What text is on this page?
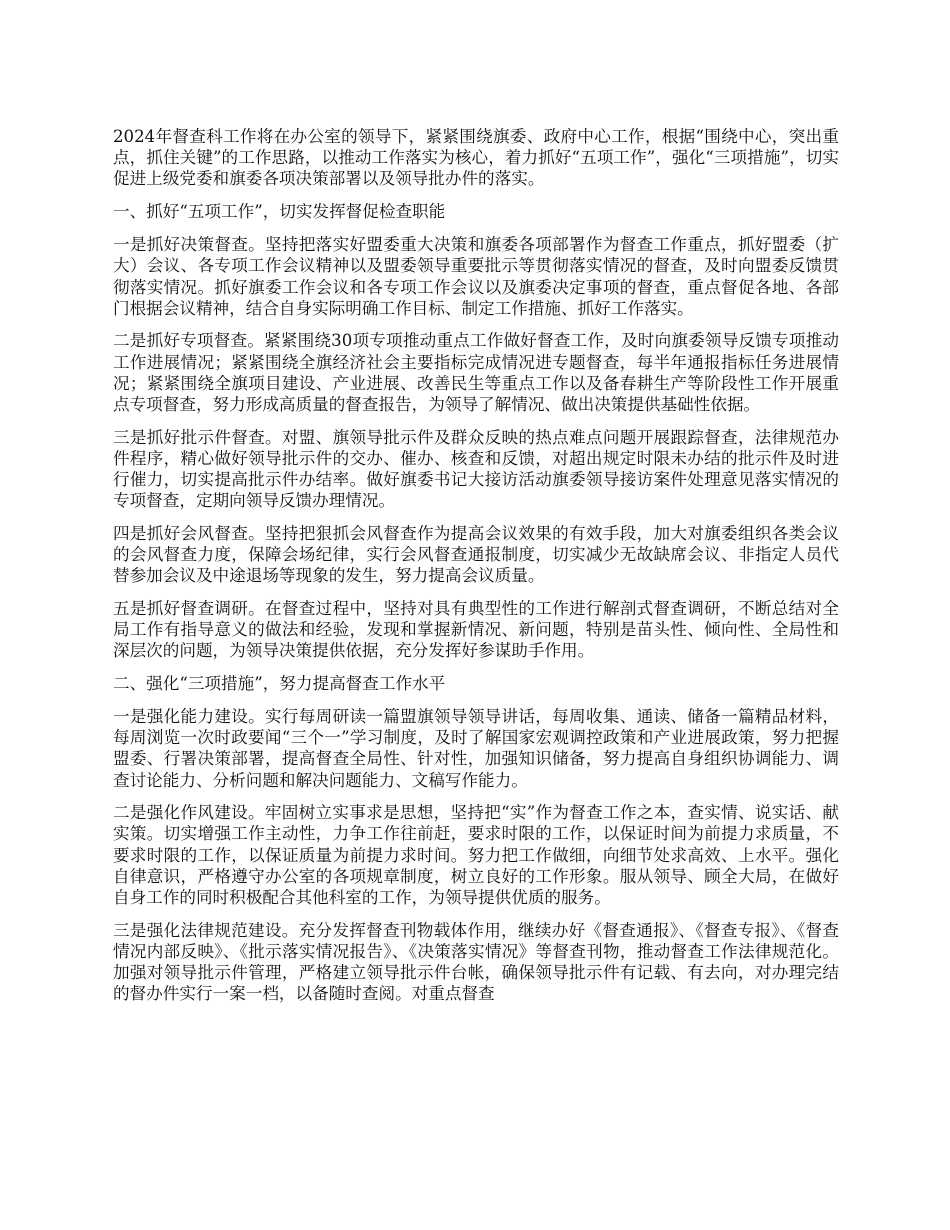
2024年督查科工作将在办公室的领导下，紧紧围绕旗委、政府中心工作，根据“围绕中心，突出重点，抓住关键”的工作思路，以推动工作落实为核心，着力抓好“五项工作”，强化“三项措施”，切实促进上级党委和旗委各项决策部署以及领导批办件的落实。

一、抓好“五项工作”，切实发挥督促检查职能

一是抓好决策督查。坚持把落实好盟委重大决策和旗委各项部署作为督查工作重点，抓好盟委（扩大）会议、各专项工作会议精神以及盟委领导重要批示等贯彻落实情况的督查，及时向盟委反馈贯彻落实情况。抓好旗委工作会议和各专项工作会议以及旗委决定事项的督查，重点督促各地、各部门根据会议精神，结合自身实际明确工作目标、制定工作措施、抓好工作落实。

二是抓好专项督查。紧紧围绕30项专项推动重点工作做好督查工作，及时向旗委领导反馈专项推动工作进展情况；紧紧围绕全旗经济社会主要指标完成情况进专题督查，每半年通报指标任务进展情况；紧紧围绕全旗项目建设、产业进展、改善民生等重点工作以及备春耕生产等阶段性工作开展重点专项督查，努力形成高质量的督查报告，为领导了解情况、做出决策提供基础性依据。

三是抓好批示件督查。对盟、旗领导批示件及群众反映的热点难点问题开展跟踪督查，法律规范办件程序，精心做好领导批示件的交办、催办、核查和反馈，对超出规定时限未办结的批示件及时进行催力，切实提高批示件办结率。做好旗委书记大接访活动旗委领导接访案件处理意见落实情况的专项督查，定期向领导反馈办理情况。

四是抓好会风督查。坚持把狠抓会风督查作为提高会议效果的有效手段，加大对旗委组织各类会议的会风督查力度，保障会场纪律，实行会风督查通报制度，切实减少无故缺席会议、非指定人员代替参加会议及中途退场等现象的发生，努力提高会议质量。

五是抓好督查调研。在督查过程中，坚持对具有典型性的工作进行解剖式督查调研，不断总结对全局工作有指导意义的做法和经验，发现和掌握新情况、新问题，特别是苗头性、倾向性、全局性和深层次的问题，为领导决策提供依据，充分发挥好参谋助手作用。

二、强化“三项措施”，努力提高督查工作水平

一是强化能力建设。实行每周研读一篇盟旗领导领导讲话，每周收集、通读、储备一篇精品材料，每周浏览一次时政要闻“三个一”学习制度，及时了解国家宏观调控政策和产业进展政策，努力把握盟委、行署决策部署，提高督查全局性、针对性，加强知识储备，努力提高自身组织协调能力、调查讨论能力、分析问题和解决问题能力、文稿写作能力。

二是强化作风建设。牢固树立实事求是思想，坚持把“实”作为督查工作之本，查实情、说实话、献实策。切实增强工作主动性，力争工作往前赶，要求时限的工作，以保证时间为前提力求质量，不要求时限的工作，以保证质量为前提力求时间。努力把工作做细，向细节处求高效、上水平。强化自律意识，严格遵守办公室的各项规章制度，树立良好的工作形象。服从领导、顾全大局，在做好自身工作的同时积极配合其他科室的工作，为领导提供优质的服务。

三是强化法律规范建设。充分发挥督查刊物载体作用，继续办好《督查通报》、《督查专报》、《督查情况内部反映》、《批示落实情况报告》、《决策落实情况》等督查刊物，推动督查工作法律规范化。加强对领导批示件管理，严格建立领导批示件台帐，确保领导批示件有记载、有去向，对办理完结的督办件实行一案一档，以备随时查阅。对重点督查
